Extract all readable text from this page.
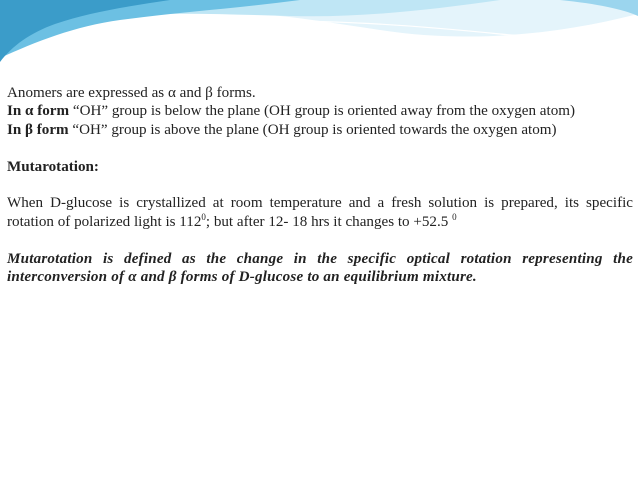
Anomers are expressed as α and β forms.

In α form “OH” group is below the plane (OH group is oriented away from the oxygen atom)

In β form “OH” group is above the plane (OH group is oriented towards the oxygen atom)

Mutarotation:

When D-glucose is crystallized at room temperature and a fresh solution is prepared, its specific rotation of polarized light is $112^0$; but after 12- 18 hrs it changes to +52.5 $^0$

Mutarotation is defined as the change in the specific optical rotation representing the interconversion of α and β forms of D-glucose to an equilibrium mixture.
